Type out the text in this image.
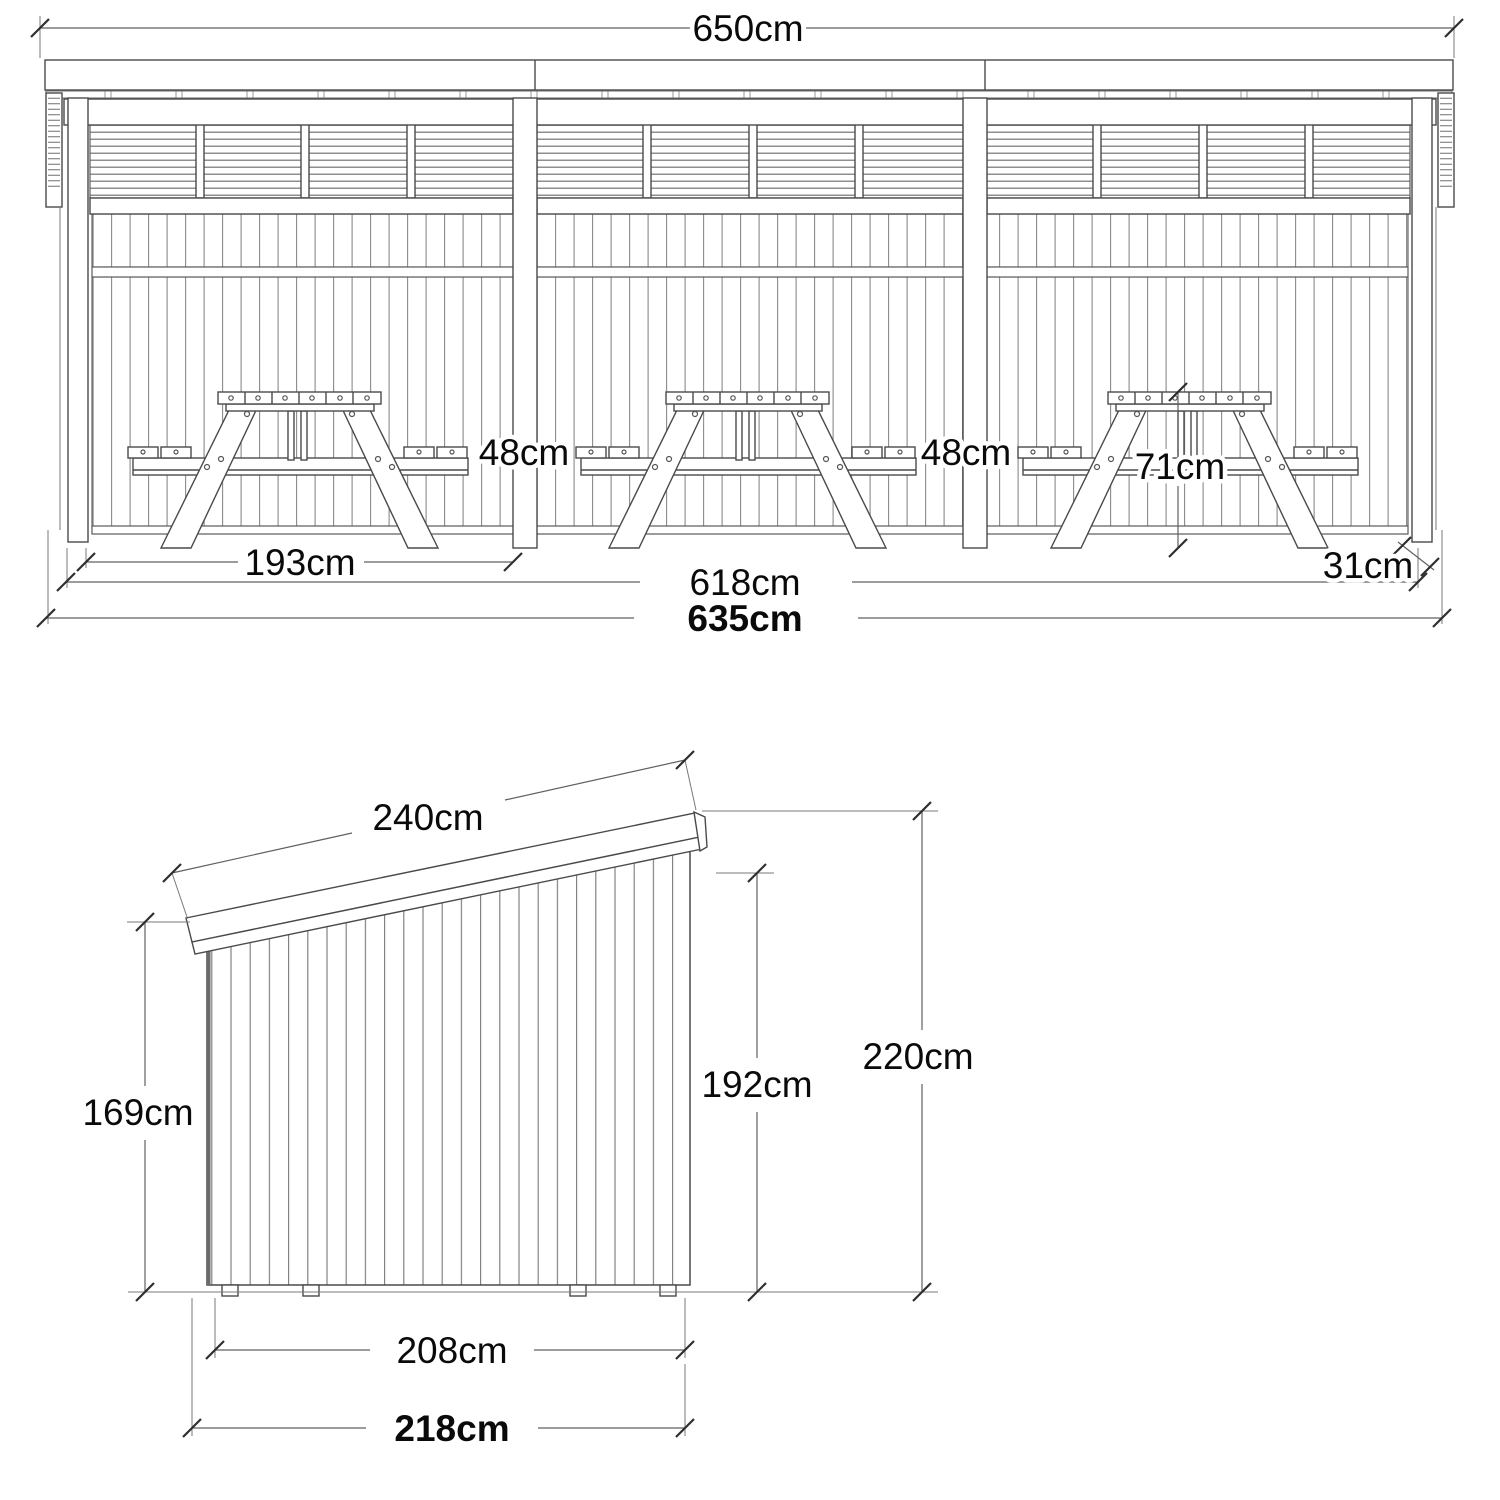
650cm
193cm	618cm
635cm
48cm	48cm	71cm
31cm
240cm
169cm
192cm
220cm
208cm
218cm
